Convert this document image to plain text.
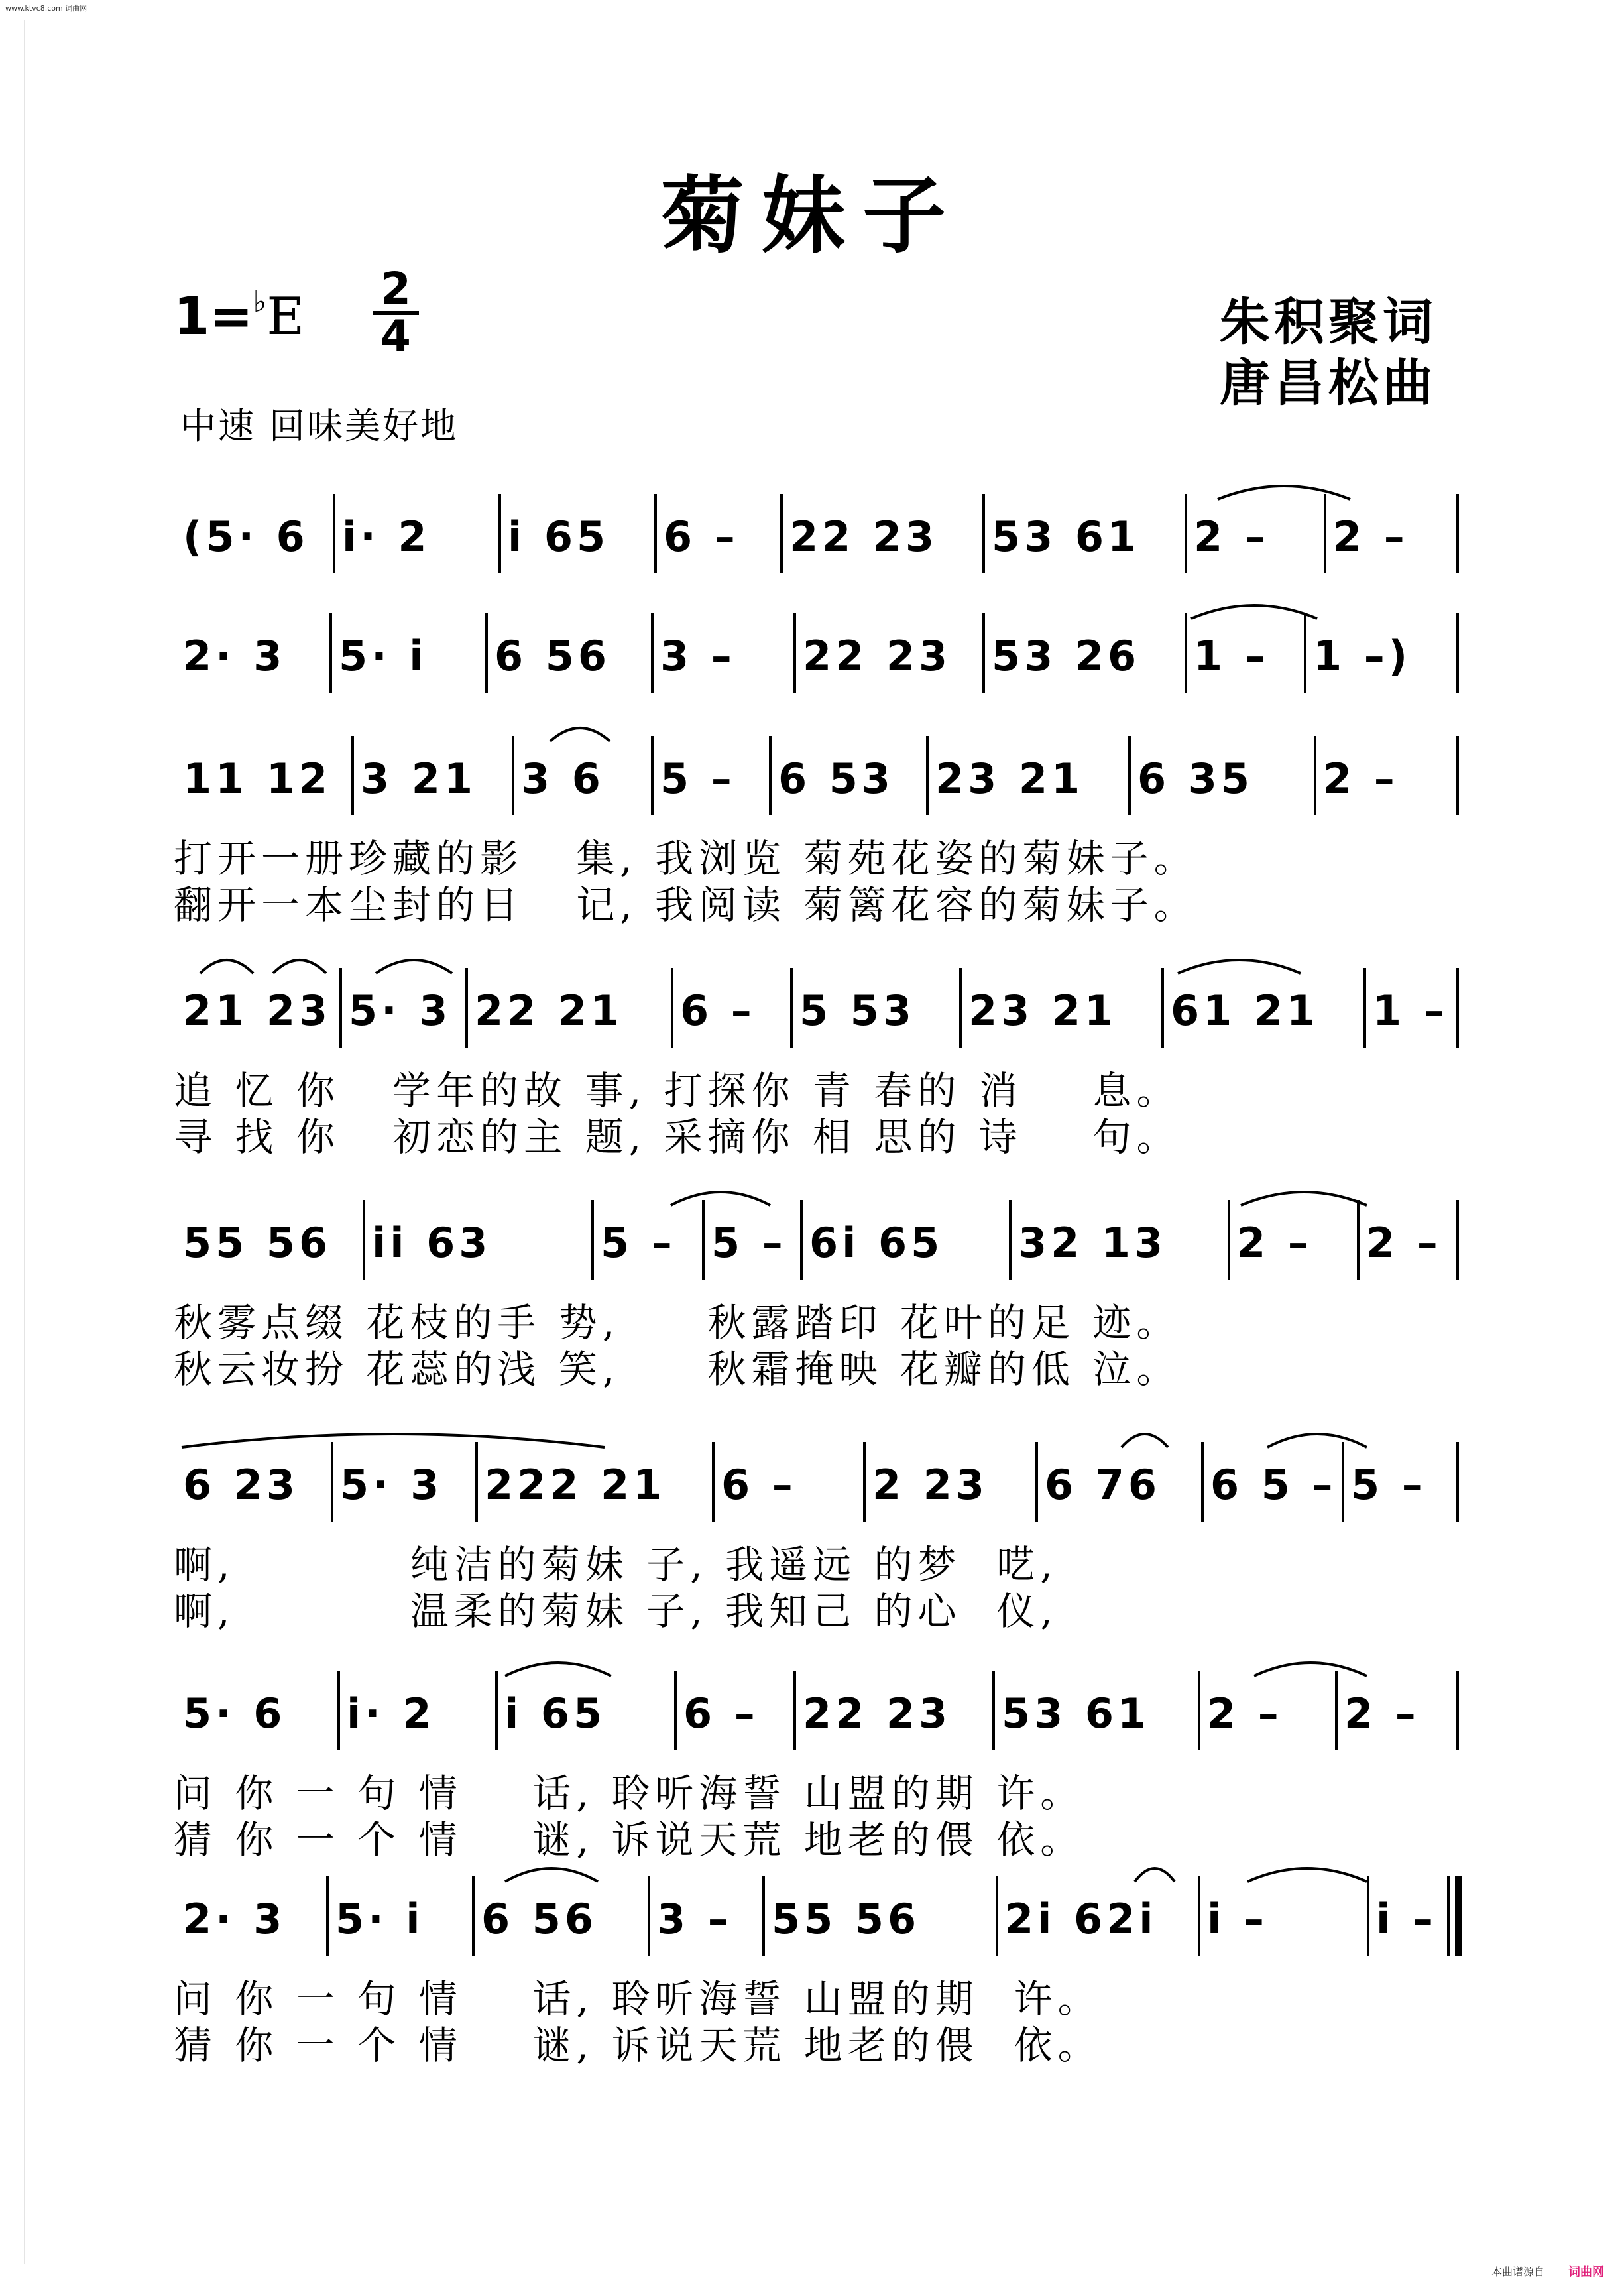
www.ktvc8.com 词曲网
菊妹子
1=♭E 2
4	朱积聚词
唐昌松曲
中速 回味美好地
(5· 6 i· 2 i 65 6 – 22 23 53 61 2 – 2 –
2· 3 5· i 6 56 3 – 22 23 53 26 1 – 1 –)
11 12 3 21 3 6 5 – 6 53 23 21 6 35 2 –
打开一册珍藏的影   集, 我浏览 菊苑花姿的菊妹子。
翻开一本尘封的日   记, 我阅读 菊篱花容的菊妹子。
21 23 5· 3 22 21 6 – 5 53 23 21 61 21 1 –
追 忆 你   学年的故 事, 打探你 青 春的 消    息。
寻 找 你   初恋的主 题, 采摘你 相 思的 诗    句。
55 56 ii 63	5 – 5 – 6i 65 32 13 2 – 2 –
秋雾点缀 花枝的手 势,     秋露踏印 花叶的足 迹。
秋云妆扮 花蕊的浅 笑,     秋霜掩映 花瓣的低 泣。
6 23 5· 3 222 21 6 – 2 23 6 76 6 5 – 5 –
啊,          纯洁的菊妹 子, 我遥远 的梦  呓,
啊,          温柔的菊妹 子, 我知己 的心  仪,
5· 6 i· 2 i 65 6 – 22 23 53 61 2 – 2 –
问 你 一 句 情    话, 聆听海誓 山盟的期 许。
猜 你 一 个 情    谜, 诉说天荒 地老的偎 依。
2· 3 5· i 6 56 3 – 55 56 2i 62i i –	i –
问 你 一 句 情    话, 聆听海誓 山盟的期  许。
猜 你 一 个 情    谜, 诉说天荒 地老的偎  依。
本曲谱源自 词曲网
